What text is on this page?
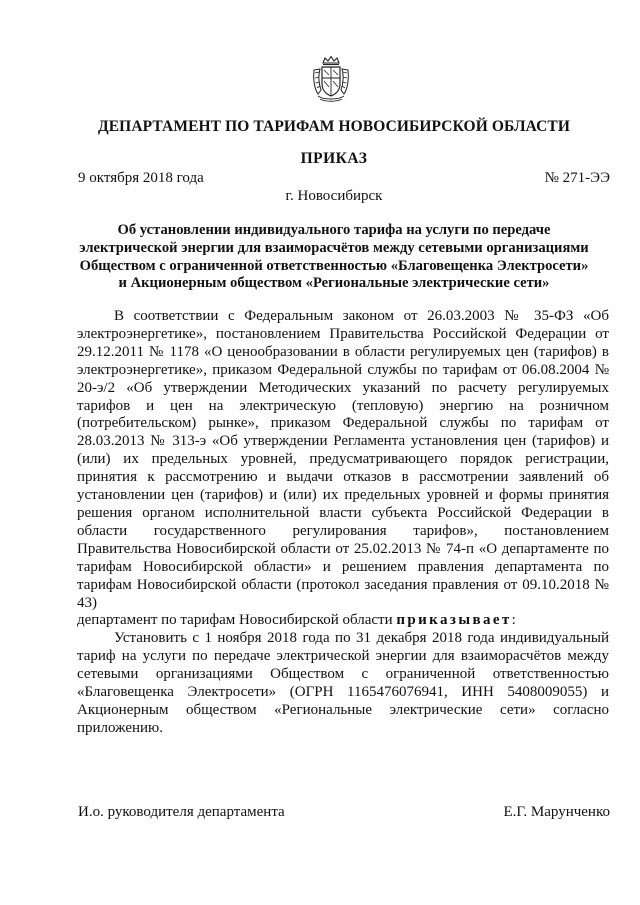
ДЕПАРТАМЕНТ ПО ТАРИФАМ НОВОСИБИРСКОЙ ОБЛАСТИ
ПРИКАЗ
9 октября 2018 года	№ 271-ЭЭ
г. Новосибирск
Об установлении индивидуального тарифа на услуги по передаче
электрической энергии для взаиморасчётов между сетевыми организациями
Обществом с ограниченной ответственностью «Благовещенка Электросети»
и Акционерным обществом «Региональные электрические сети»

В соответствии с Федеральным законом от 26.03.2003 № 35-ФЗ «Об электроэнергетике», постановлением Правительства Российской Федерации от 29.12.2011 № 1178 «О ценообразовании в области регулируемых цен (тарифов) в электроэнергетике», приказом Федеральной службы по тарифам от 06.08.2004 № 20-э/2 «Об утверждении Методических указаний по расчету регулируемых тарифов и цен на электрическую (тепловую) энергию на розничном (потребительском) рынке», приказом Федеральной службы по тарифам от 28.03.2013 № 313-э «Об утверждении Регламента установления цен (тарифов) и (или) их предельных уровней, предусматривающего порядок регистрации, принятия к рассмотрению и выдачи отказов в рассмотрении заявлений об установлении цен (тарифов) и (или) их предельных уровней и формы принятия решения органом исполнительной власти субъекта Российской Федерации в области государственного регулирования тарифов», постановлением Правительства Новосибирской области от 25.02.2013 № 74-п «О департаменте по тарифам Новосибирской области» и решением правления департамента по тарифам Новосибирской области (протокол заседания правления от 09.10.2018 № 43)

департамент по тарифам Новосибирской области приказывает:

Установить с 1 ноября 2018 года по 31 декабря 2018 года индивидуальный тариф на услуги по передаче электрической энергии для взаиморасчётов между сетевыми организациями Обществом с ограниченной ответственностью «Благовещенка Электросети» (ОГРН 1165476076941, ИНН 5408009055) и Акционерным обществом «Региональные электрические сети» согласно приложению.

И.о. руководителя департамента	Е.Г. Марунченко
